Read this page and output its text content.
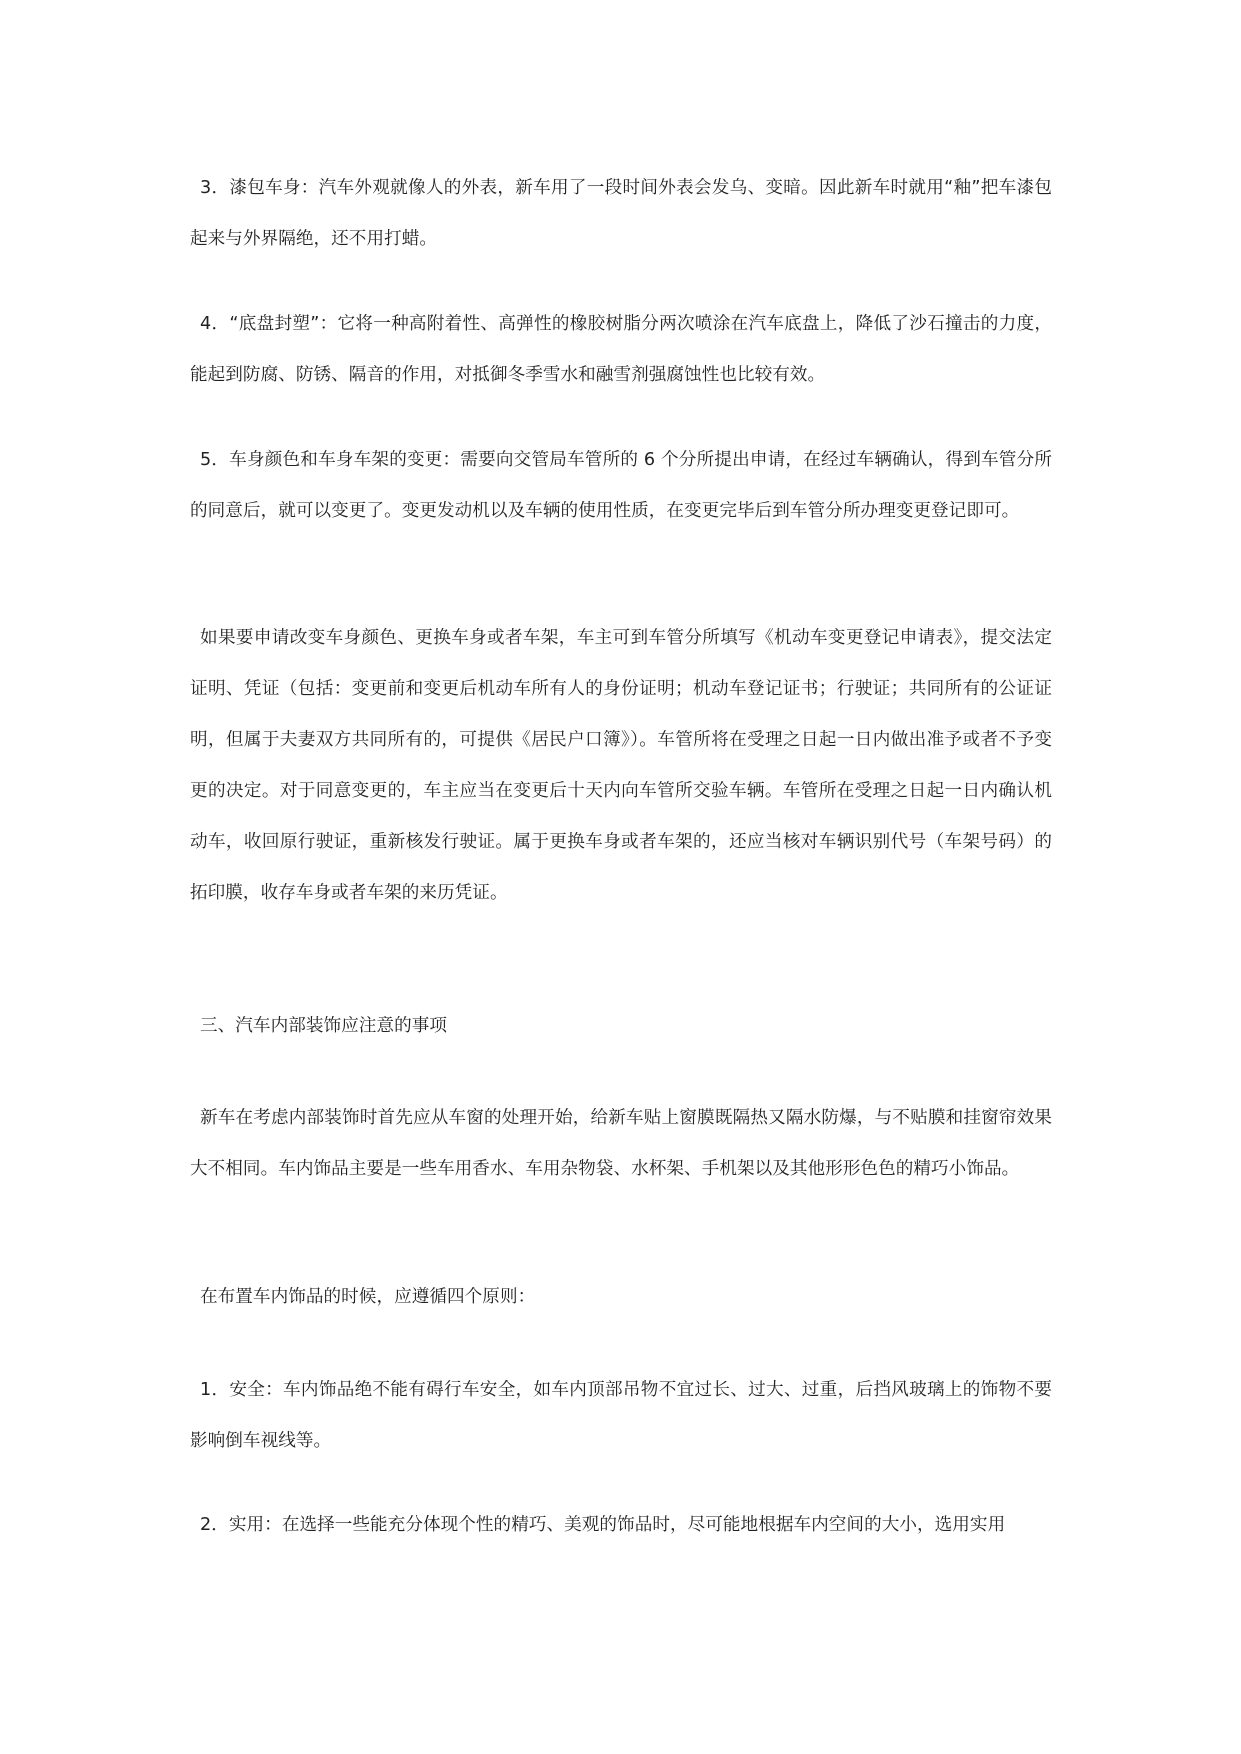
3．漆包车身：汽车外观就像人的外表，新车用了一段时间外表会发乌、变暗。因此新车时就用“釉”把车漆包起来与外界隔绝，还不用打蜡。

4．“底盘封塑”：它将一种高附着性、高弹性的橡胶树脂分两次喷涂在汽车底盘上，降低了沙石撞击的力度，能起到防腐、防锈、隔音的作用，对抵御冬季雪水和融雪剂强腐蚀性也比较有效。

5．车身颜色和车身车架的变更：需要向交管局车管所的 6 个分所提出申请，在经过车辆确认，得到车管分所的同意后，就可以变更了。变更发动机以及车辆的使用性质，在变更完毕后到车管分所办理变更登记即可。

如果要申请改变车身颜色、更换车身或者车架，车主可到车管分所填写《机动车变更登记申请表》，提交法定证明、凭证（包括：变更前和变更后机动车所有人的身份证明；机动车登记证书；行驶证；共同所有的公证证明，但属于夫妻双方共同所有的，可提供《居民户口簿》）。车管所将在受理之日起一日内做出准予或者不予变更的决定。对于同意变更的，车主应当在变更后十天内向车管所交验车辆。车管所在受理之日起一日内确认机动车，收回原行驶证，重新核发行驶证。属于更换车身或者车架的，还应当核对车辆识别代号（车架号码）的拓印膜，收存车身或者车架的来历凭证。

三、汽车内部装饰应注意的事项

新车在考虑内部装饰时首先应从车窗的处理开始，给新车贴上窗膜既隔热又隔水防爆，与不贴膜和挂窗帘效果大不相同。车内饰品主要是一些车用香水、车用杂物袋、水杯架、手机架以及其他形形色色的精巧小饰品。

在布置车内饰品的时候，应遵循四个原则：

1．安全：车内饰品绝不能有碍行车安全，如车内顶部吊物不宜过长、过大、过重，后挡风玻璃上的饰物不要影响倒车视线等。

2．实用：在选择一些能充分体现个性的精巧、美观的饰品时，尽可能地根据车内空间的大小，选用实用
